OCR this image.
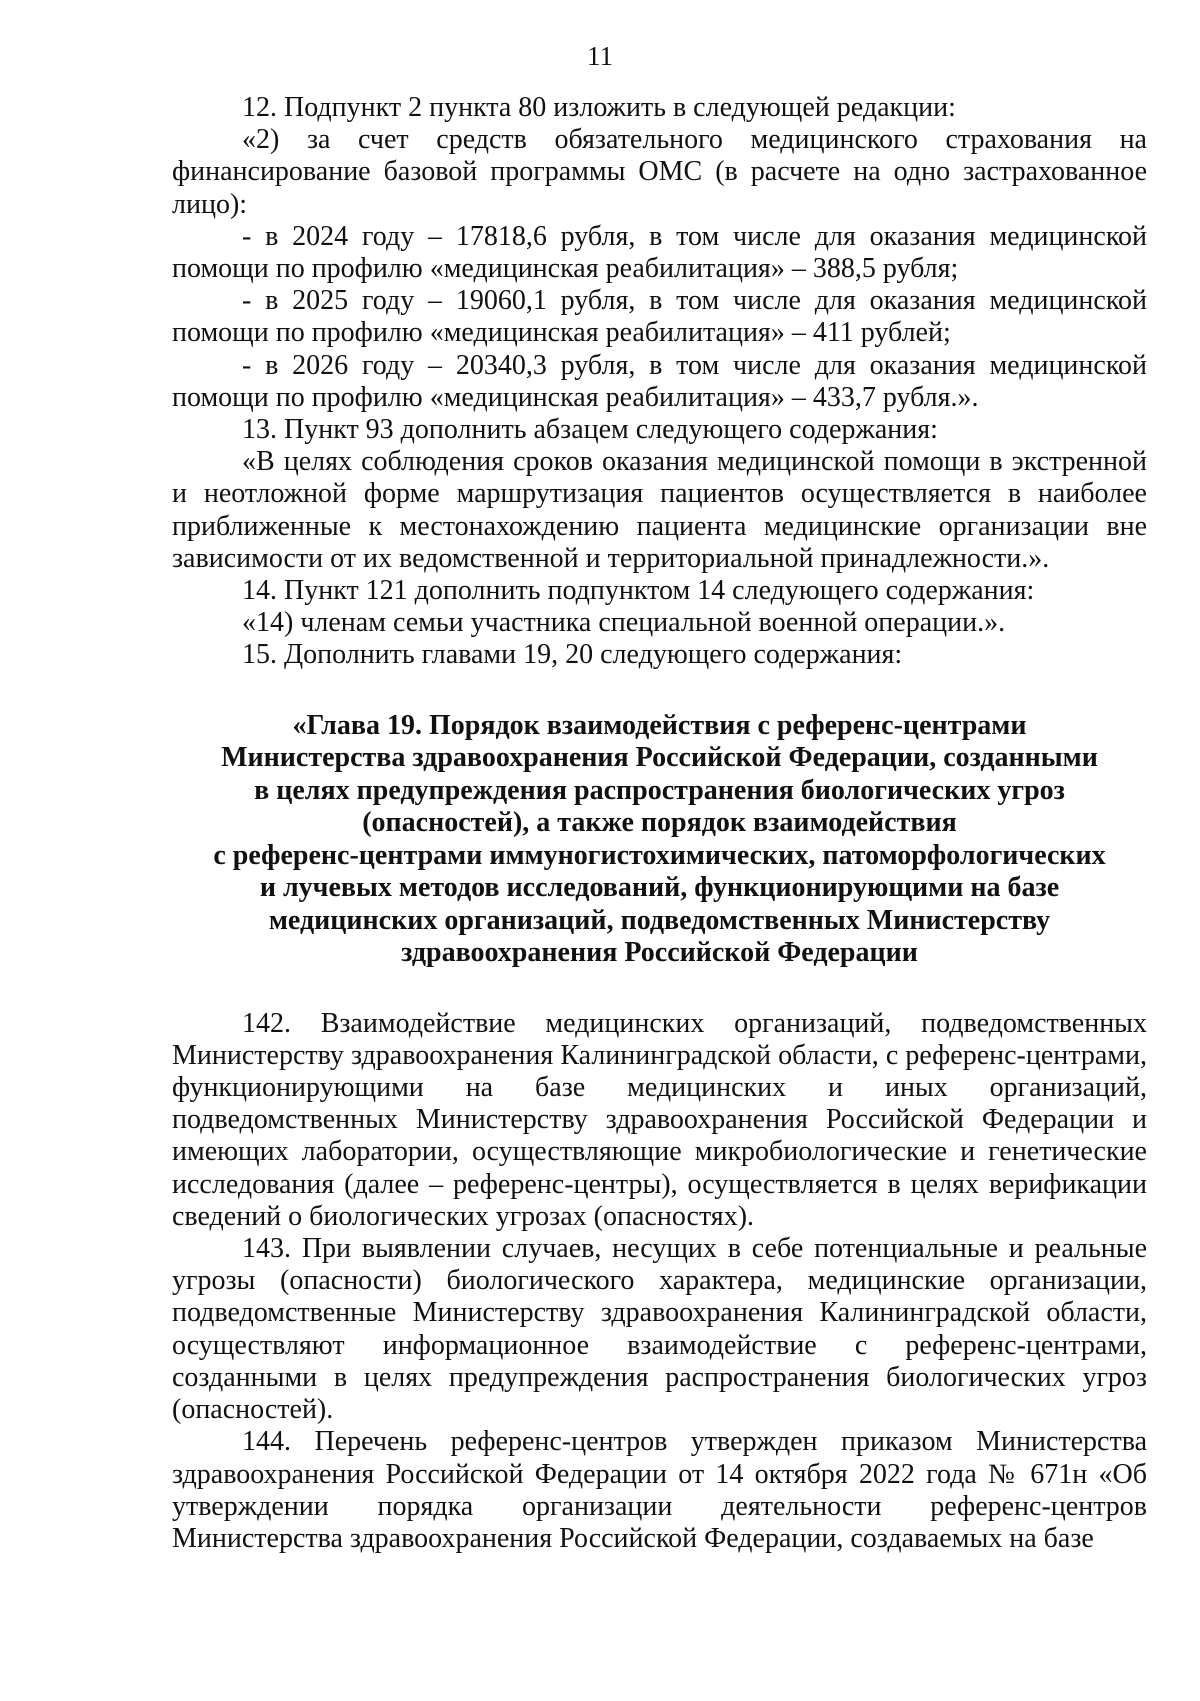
11

12. Подпункт 2 пункта 80 изложить в следующей редакции:

«2) за счет средств обязательного медицинского страхования на финансирование базовой программы ОМС (в расчете на одно застрахованное лицо):

- в 2024 году – 17818,6 рубля, в том числе для оказания медицинской помощи по профилю «медицинская реабилитация» – 388,5 рубля;

- в 2025 году – 19060,1 рубля, в том числе для оказания медицинской помощи по профилю «медицинская реабилитация» – 411 рублей;

- в 2026 году – 20340,3 рубля, в том числе для оказания медицинской помощи по профилю «медицинская реабилитация» – 433,7 рубля.».

13. Пункт 93 дополнить абзацем следующего содержания:

«В целях соблюдения сроков оказания медицинской помощи в экстренной и неотложной форме маршрутизация пациентов осуществляется в наиболее приближенные к местонахождению пациента медицинские организации вне зависимости от их ведомственной и территориальной принадлежности.».

14. Пункт 121 дополнить подпунктом 14 следующего содержания:

«14) членам семьи участника специальной военной операции.».

15. Дополнить главами 19, 20 следующего содержания:

«Глава 19. Порядок взаимодействия с референс-центрами
Министерства здравоохранения Российской Федерации, созданными
в целях предупреждения распространения биологических угроз
(опасностей), а также порядок взаимодействия
с референс-центрами иммуногистохимических, патоморфологических
и лучевых методов исследований, функционирующими на базе
медицинских организаций, подведомственных Министерству
здравоохранения Российской Федерации

142. Взаимодействие медицинских организаций, подведомственных Министерству здравоохранения Калининградской области, с референс-центрами, функционирующими на базе медицинских и иных организаций, подведомственных Министерству здравоохранения Российской Федерации и имеющих лаборатории, осуществляющие микробиологические и генетические исследования (далее – референс-центры), осуществляется в целях верификации сведений о биологических угрозах (опасностях).

143. При выявлении случаев, несущих в себе потенциальные и реальные угрозы (опасности) биологического характера, медицинские организации, подведомственные Министерству здравоохранения Калининградской области, осуществляют информационное взаимодействие с референс-центрами, созданными в целях предупреждения распространения биологических угроз (опасностей).

144. Перечень референс-центров утвержден приказом Министерства здравоохранения Российской Федерации от 14 октября 2022 года № 671н «Об утверждении порядка организации деятельности референс-центров Министерства здравоохранения Российской Федерации, создаваемых на базе
